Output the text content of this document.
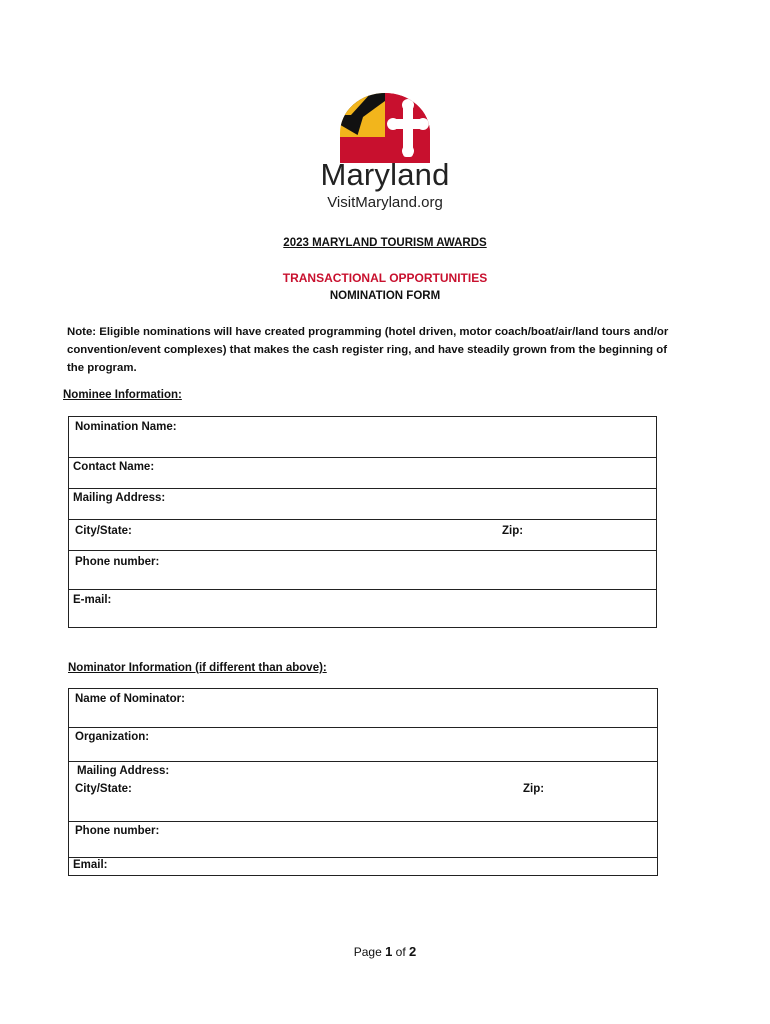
Maryland
VisitMaryland.org
2023 MARYLAND TOURISM AWARDS
TRANSACTIONAL OPPORTUNITIES
NOMINATION FORM
Note: Eligible nominations will have created programming (hotel driven, motor coach/boat/air/land tours and/or convention/event complexes) that makes the cash register ring, and have steadily grown from the beginning of the program.
Nominee Information:
Nomination Name:
Contact Name:
Mailing Address:
City/State:	Zip:
Phone number:
E-mail:
Nominator Information (if different than above):
Name of Nominator:
Organization:
Mailing Address:
City/State:	Zip:
Phone number:
Email:
Page 1 of 2
